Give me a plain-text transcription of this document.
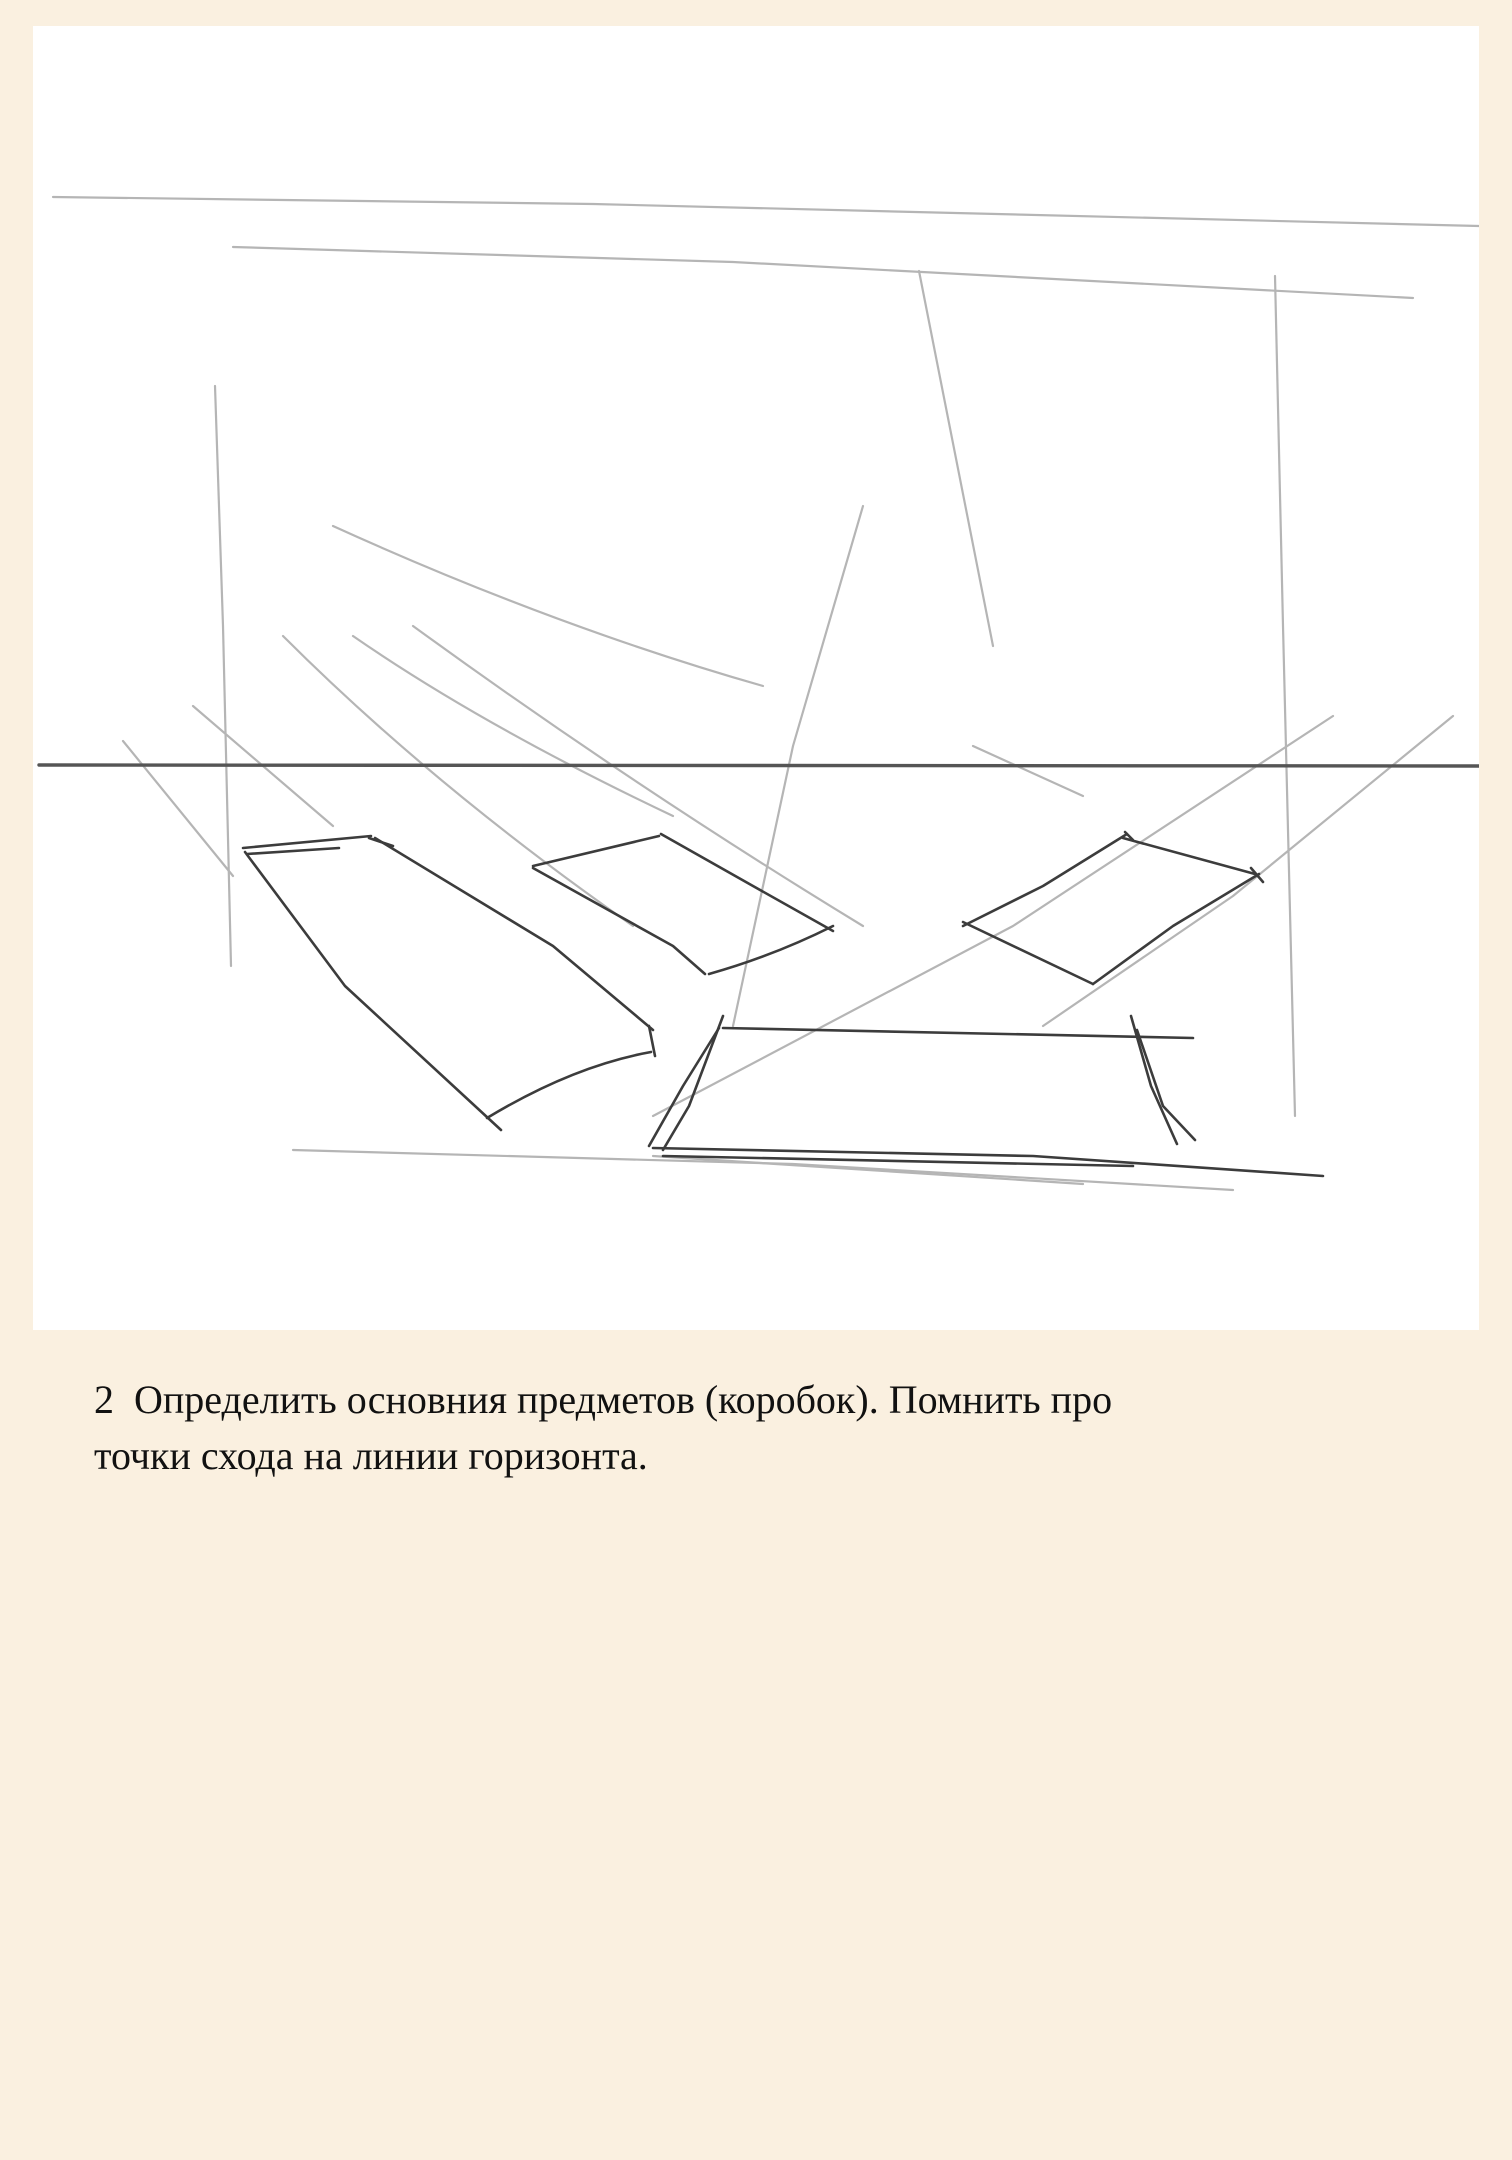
2 Определить основния предметов (коробок). Помнить про
точки схода на линии горизонта.
